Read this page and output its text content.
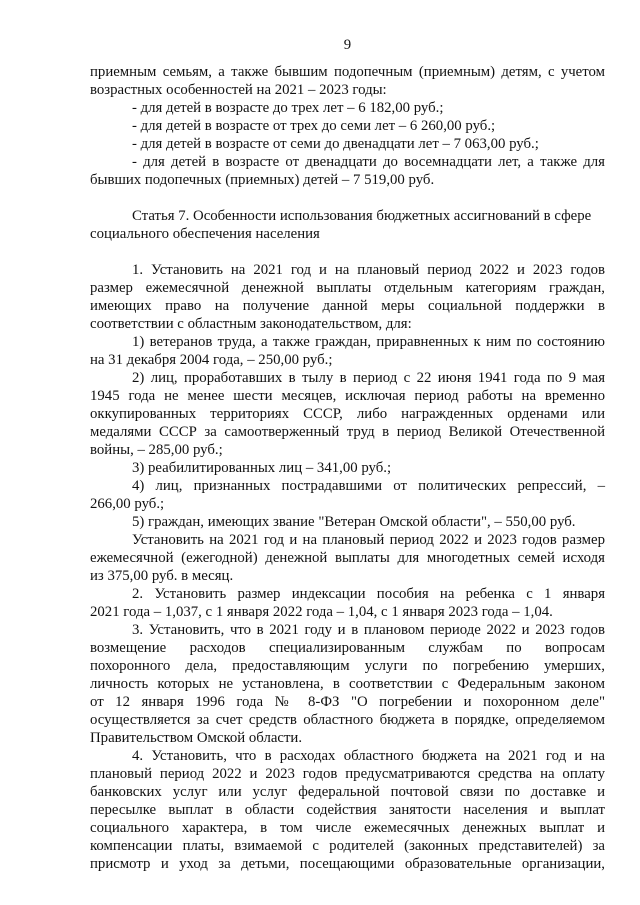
9
приемным семьям, а также бывшим подопечным (приемным) детям, с учетом
возрастных особенностей на 2021 – 2023 годы:
- для детей в возрасте до трех лет – 6 182,00 руб.;
- для детей в возрасте от трех до семи лет – 6 260,00 руб.;
- для детей в возрасте от семи до двенадцати лет – 7 063,00 руб.;
- для детей в возрасте от двенадцати до восемнадцати лет, а также для
бывших подопечных (приемных) детей – 7 519,00 руб.
Статья 7. Особенности использования бюджетных ассигнований в сфере
социального обеспечения населения
1. Установить на 2021 год и на плановый период 2022 и 2023 годов
размер ежемесячной денежной выплаты отдельным категориям граждан,
имеющих право на получение данной меры социальной поддержки в
соответствии с областным законодательством, для:
1) ветеранов труда, а также граждан, приравненных к ним по состоянию
на 31 декабря 2004 года, – 250,00 руб.;
2) лиц, проработавших в тылу в период с 22 июня 1941 года по 9 мая
1945 года не менее шести месяцев, исключая период работы на временно
оккупированных территориях СССР, либо награжденных орденами или
медалями СССР за самоотверженный труд в период Великой Отечественной
войны, – 285,00 руб.;
3) реабилитированных лиц – 341,00 руб.;
4) лиц, признанных пострадавшими от политических репрессий, –
266,00 руб.;
5) граждан, имеющих звание "Ветеран Омской области", – 550,00 руб.
Установить на 2021 год и на плановый период 2022 и 2023 годов размер
ежемесячной (ежегодной) денежной выплаты для многодетных семей исходя
из 375,00 руб. в месяц.
2. Установить размер индексации пособия на ребенка с 1 января
2021 года – 1,037, с 1 января 2022 года – 1,04, с 1 января 2023 года – 1,04.
3. Установить, что в 2021 году и в плановом периоде 2022 и 2023 годов
возмещение расходов специализированным службам по вопросам
похоронного дела, предоставляющим услуги по погребению умерших,
личность которых не установлена, в соответствии с Федеральным законом
от 12 января 1996 года № 8-ФЗ "О погребении и похоронном деле"
осуществляется за счет средств областного бюджета в порядке, определяемом
Правительством Омской области.
4. Установить, что в расходах областного бюджета на 2021 год и на
плановый период 2022 и 2023 годов предусматриваются средства на оплату
банковских услуг или услуг федеральной почтовой связи по доставке и
пересылке выплат в области содействия занятости населения и выплат
социального характера, в том числе ежемесячных денежных выплат и
компенсации платы, взимаемой с родителей (законных представителей) за
присмотр и уход за детьми, посещающими образовательные организации,
